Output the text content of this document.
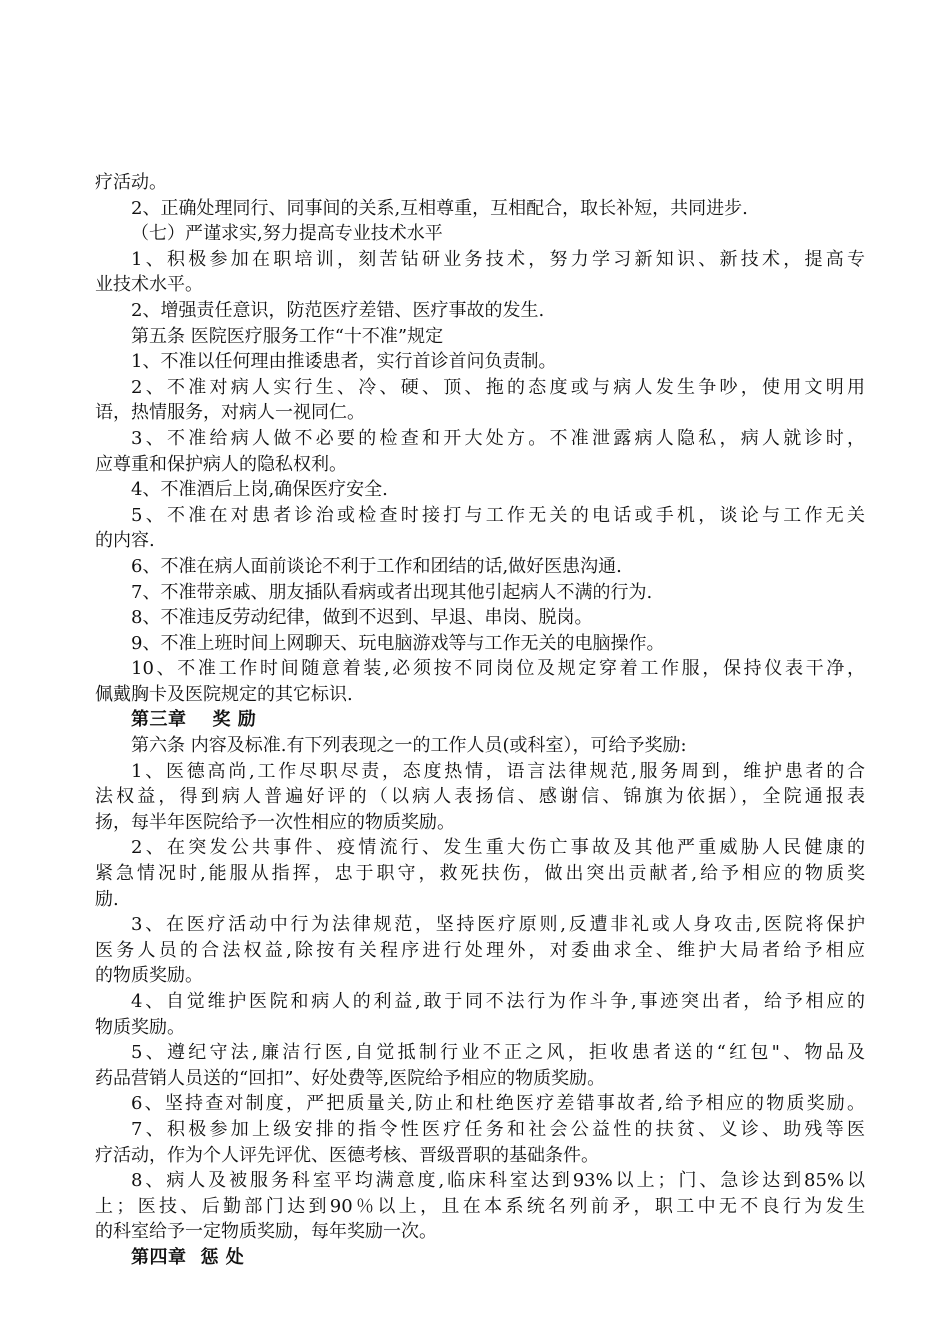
疗活动。
2、正确处理同行、同事间的关系,互相尊重，互相配合，取长补短，共同进步.
（七）严谨求实,努力提高专业技术水平
1、积极参加在职培训，刻苦钻研业务技术，努力学习新知识、新技术，提高专
业技术水平。
2、增强责任意识，防范医疗差错、医疗事故的发生.
第五条 医院医疗服务工作“十不准”规定
1、不准以任何理由推诿患者，实行首诊首问负责制。
2、不准对病人实行生、冷、硬、顶、拖的态度或与病人发生争吵，使用文明用
语，热情服务，对病人一视同仁。
3、不准给病人做不必要的检查和开大处方。不准泄露病人隐私，病人就诊时，
应尊重和保护病人的隐私权利。
4、不准酒后上岗,确保医疗安全.
5、不准在对患者诊治或检查时接打与工作无关的电话或手机，谈论与工作无关
的内容.
6、不准在病人面前谈论不利于工作和团结的话,做好医患沟通.
7、不准带亲戚、朋友插队看病或者出现其他引起病人不满的行为.
8、不准违反劳动纪律，做到不迟到、早退、串岗、脱岗。
9、不准上班时间上网聊天、玩电脑游戏等与工作无关的电脑操作。
10、不准工作时间随意着装,必须按不同岗位及规定穿着工作服，保持仪表干净，
佩戴胸卡及医院规定的其它标识.
第三章 奖 励
第六条 内容及标准.有下列表现之一的工作人员(或科室），可给予奖励:
1、医德高尚,工作尽职尽责，态度热情，语言法律规范,服务周到，维护患者的合
法权益，得到病人普遍好评的（以病人表扬信、感谢信、锦旗为依据），全院通报表
扬，每半年医院给予一次性相应的物质奖励。
2、在突发公共事件、疫情流行、发生重大伤亡事故及其他严重威胁人民健康的
紧急情况时,能服从指挥，忠于职守，救死扶伤，做出突出贡献者,给予相应的物质奖
励.
3、在医疗活动中行为法律规范，坚持医疗原则,反遭非礼或人身攻击,医院将保护
医务人员的合法权益,除按有关程序进行处理外，对委曲求全、维护大局者给予相应
的物质奖励。
4、自觉维护医院和病人的利益,敢于同不法行为作斗争,事迹突出者，给予相应的
物质奖励。
5、遵纪守法,廉洁行医,自觉抵制行业不正之风，拒收患者送的“红包"、物品及
药品营销人员送的“回扣”、好处费等,医院给予相应的物质奖励。
6、坚持查对制度，严把质量关,防止和杜绝医疗差错事故者,给予相应的物质奖励。
7、积极参加上级安排的指令性医疗任务和社会公益性的扶贫、义诊、助残等医
疗活动，作为个人评先评优、医德考核、晋级晋职的基础条件。
8、病人及被服务科室平均满意度,临床科室达到93%以上；门、急诊达到85%以
上；医技、后勤部门达到90％以上，且在本系统名列前矛，职工中无不良行为发生
的科室给予一定物质奖励，每年奖励一次。
第四章 惩 处
